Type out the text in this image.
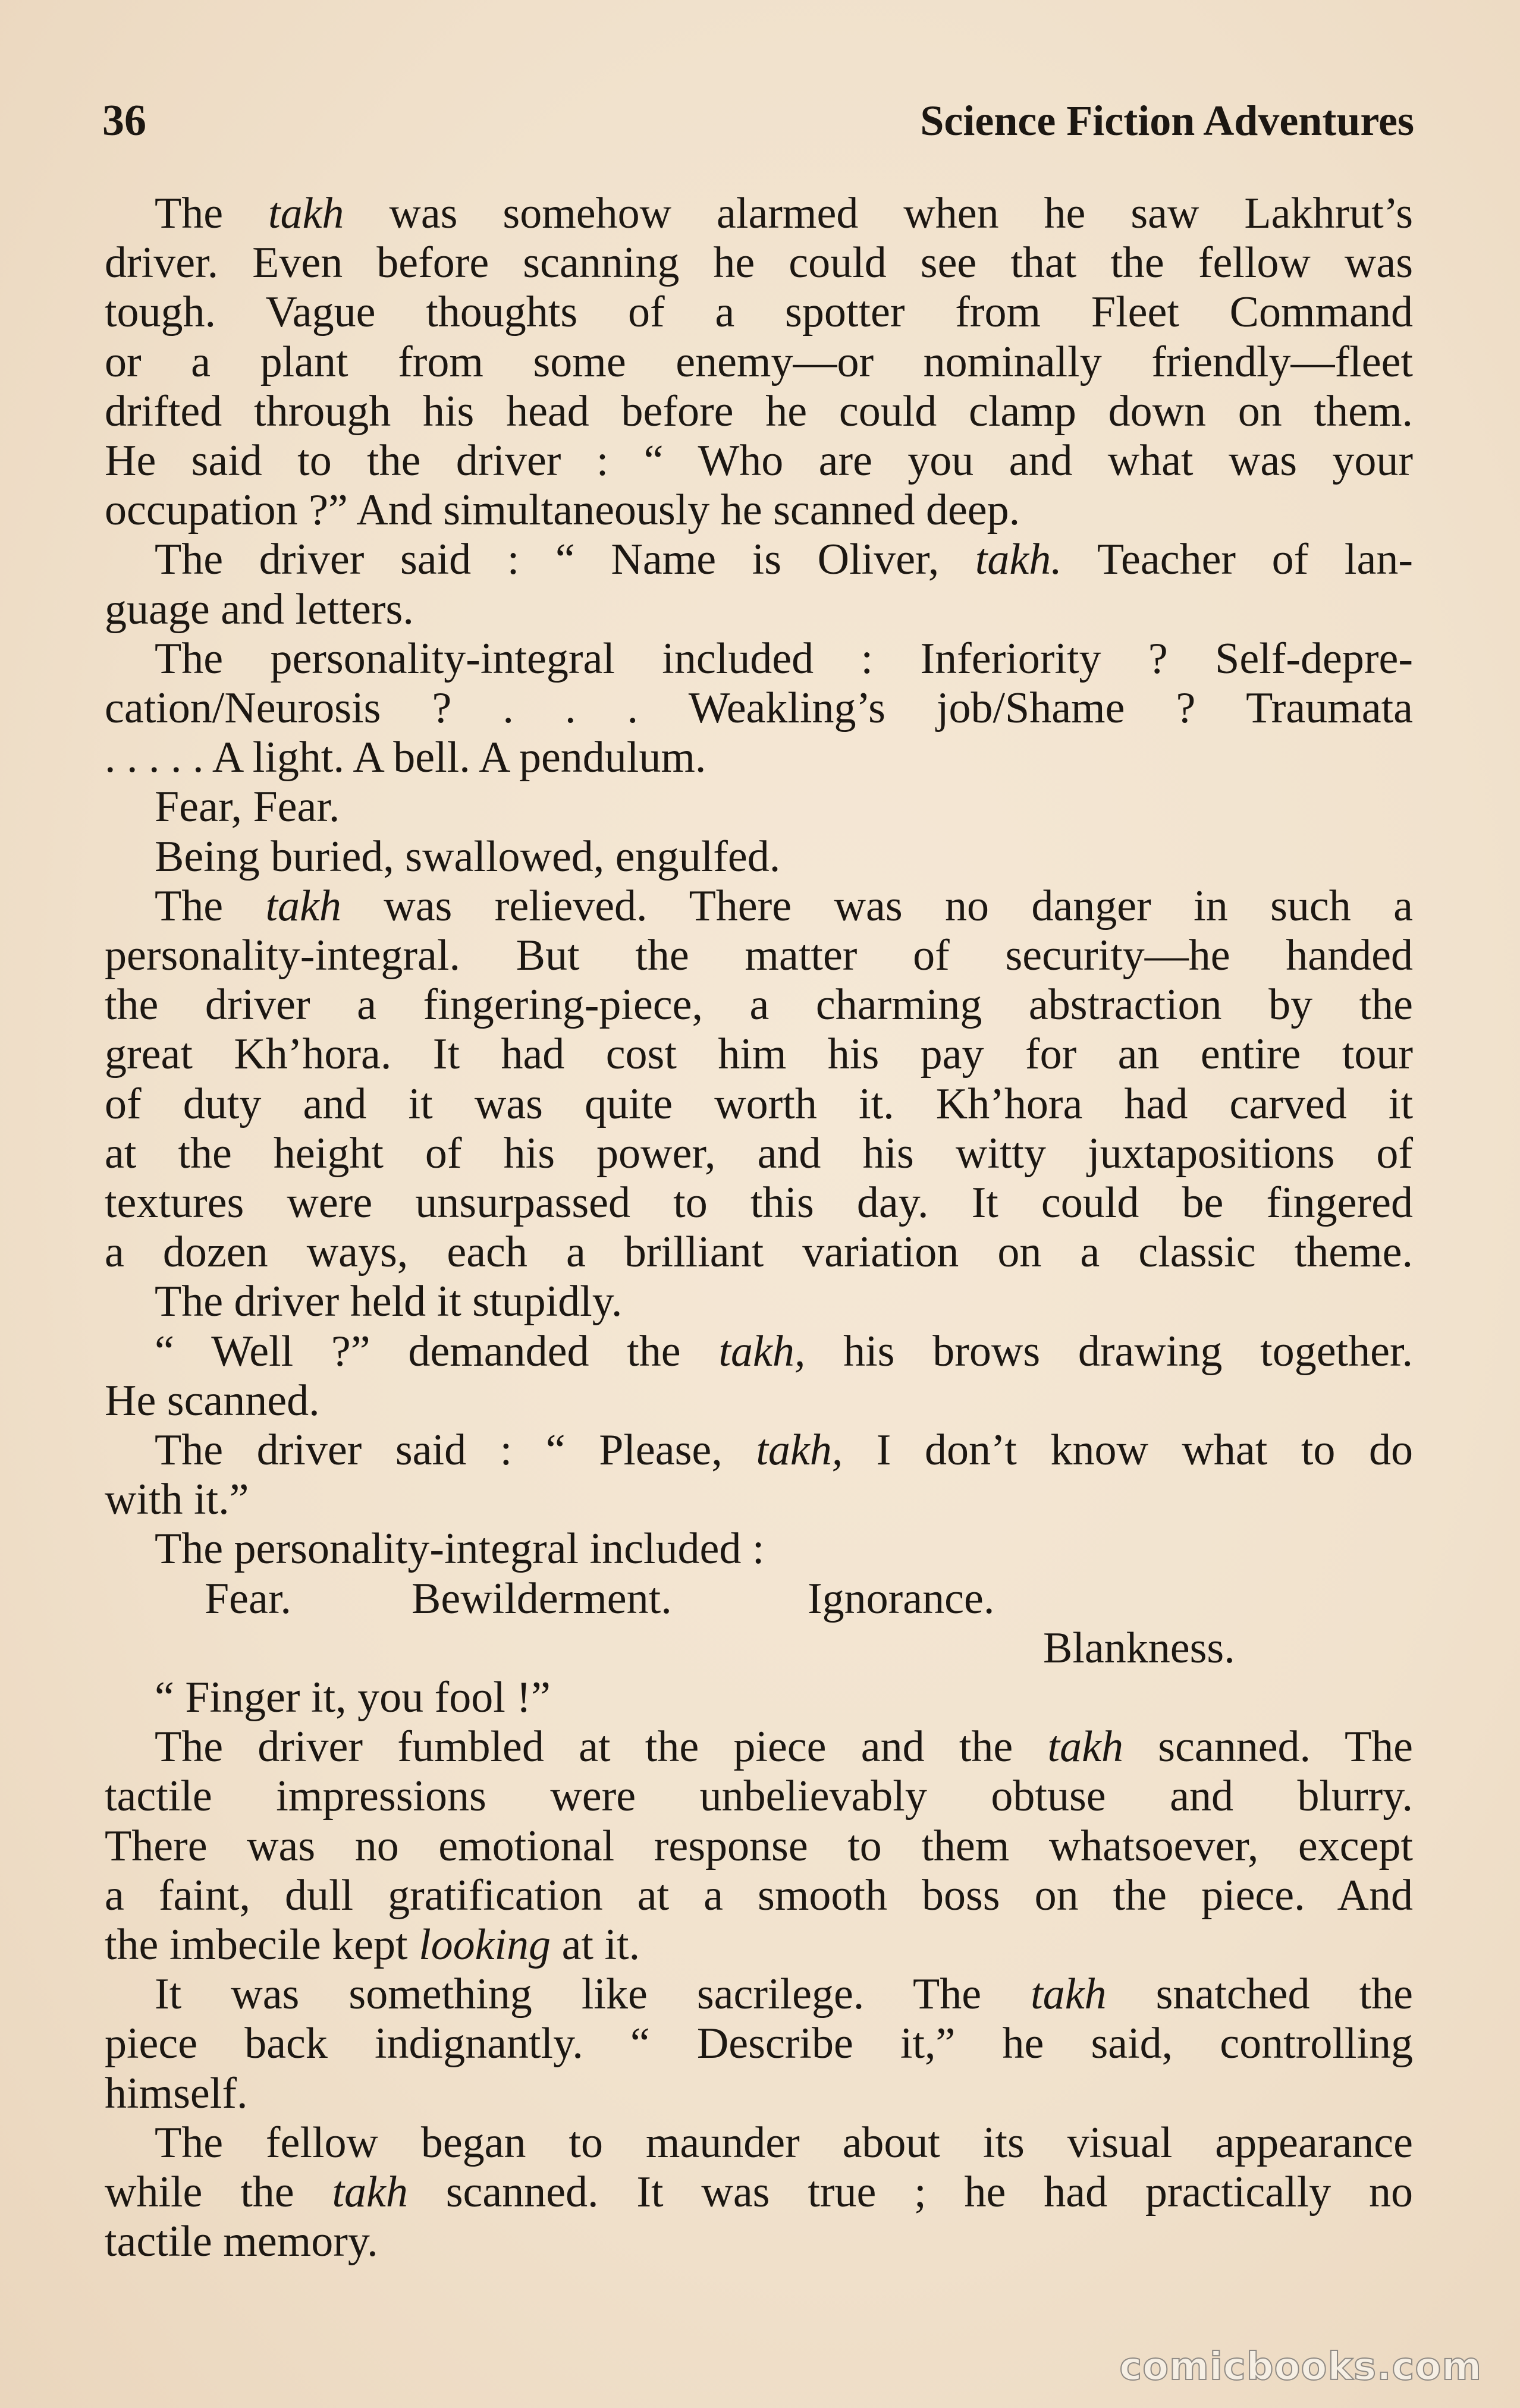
36	Science Fiction Adventures
The takh was somehow alarmed when he saw Lakhrut’s
driver. Even before scanning he could see that the fellow was
tough. Vague thoughts of a spotter from Fleet Command
or a plant from some enemy—or nominally friendly—fleet
drifted through his head before he could clamp down on them.
He said to the driver : “ Who are you and what was your
occupation ?” And simultaneously he scanned deep.
The driver said : “ Name is Oliver, takh. Teacher of lan-
guage and letters.
The personality-integral included : Inferiority ? Self-depre-
cation/Neurosis ? . . . Weakling’s job/Shame ? Traumata
. . . . . A light. A bell. A pendulum.
Fear, Fear.
Being buried, swallowed, engulfed.
The takh was relieved. There was no danger in such a
personality-integral. But the matter of security—he handed
the driver a fingering-piece, a charming abstraction by the
great Kh’hora. It had cost him his pay for an entire tour
of duty and it was quite worth it. Kh’hora had carved it
at the height of his power, and his witty juxtapositions of
textures were unsurpassed to this day. It could be fingered
a dozen ways, each a brilliant variation on a classic theme.
The driver held it stupidly.
“ Well ?” demanded the takh, his brows drawing together.
He scanned.
The driver said : “ Please, takh, I don’t know what to do
with it.”
The personality-integral included :
Fear.	Bewilderment.	Ignorance.
Blankness.
“ Finger it, you fool !”
The driver fumbled at the piece and the takh scanned. The
tactile impressions were unbelievably obtuse and blurry.
There was no emotional response to them whatsoever, except
a faint, dull gratification at a smooth boss on the piece. And
the imbecile kept looking at it.
It was something like sacrilege. The takh snatched the
piece back indignantly. “ Describe it,” he said, controlling
himself.
The fellow began to maunder about its visual appearance
while the takh scanned. It was true ; he had practically no
tactile memory.
comicbooks.com
